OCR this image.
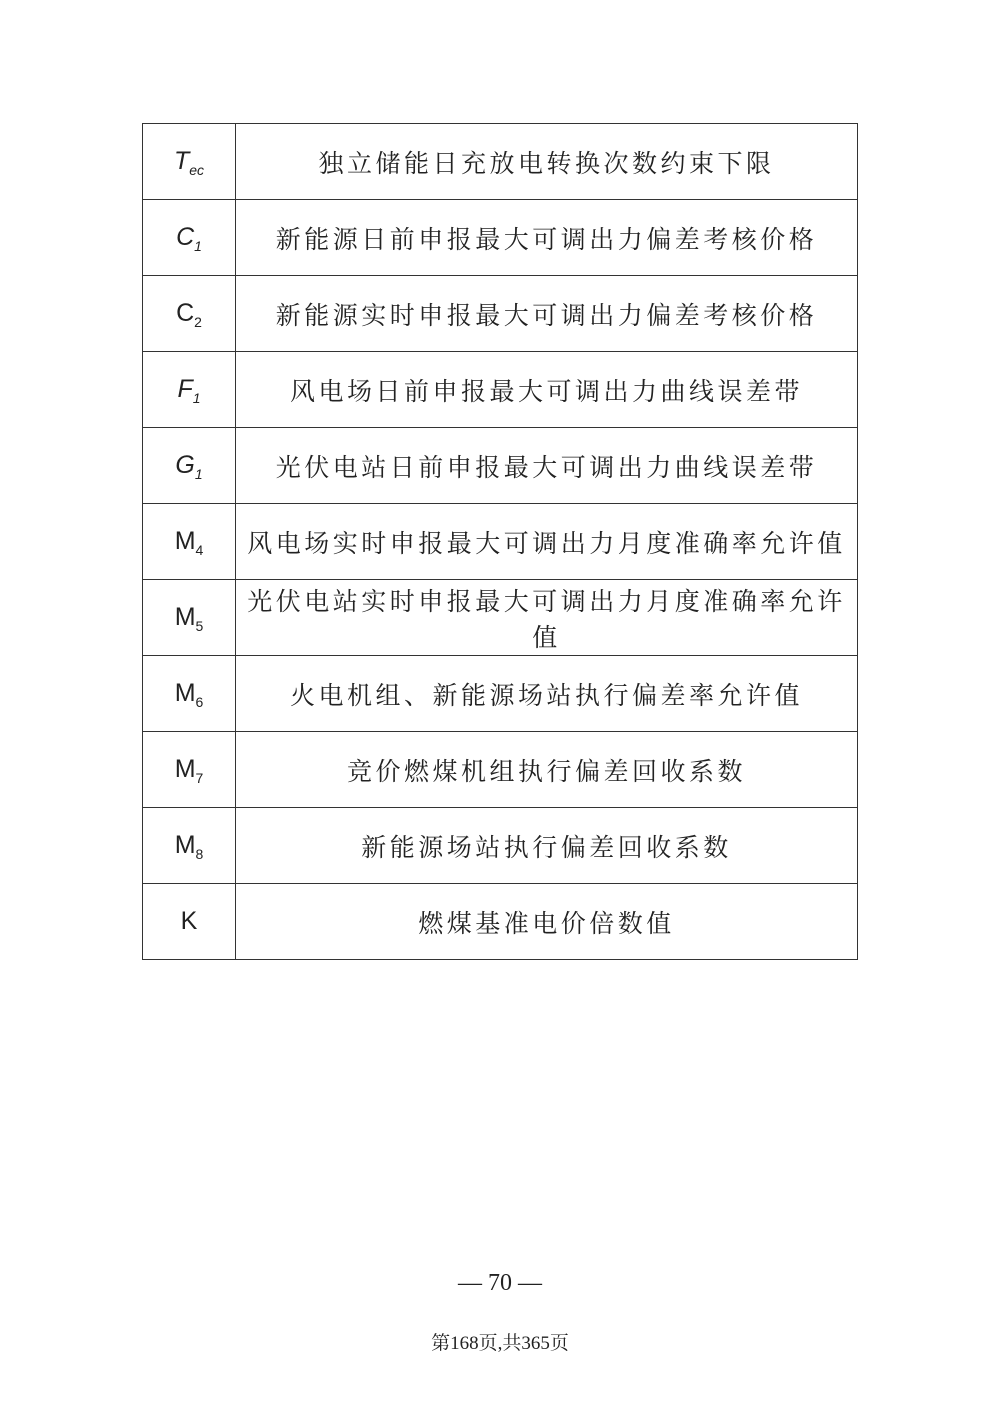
$T_{ec}$	独立储能日充放电转换次数约束下限
$C_1$	新能源日前申报最大可调出力偏差考核价格
$C_2$	新能源实时申报最大可调出力偏差考核价格
$F_1$	风电场日前申报最大可调出力曲线误差带
$G_1$	光伏电站日前申报最大可调出力曲线误差带
$M_4$	风电场实时申报最大可调出力月度准确率允许值
$M_5$	光伏电站实时申报最大可调出力月度准确率允许值
$M_6$	火电机组、新能源场站执行偏差率允许值
$M_7$	竞价燃煤机组执行偏差回收系数
$M_8$	新能源场站执行偏差回收系数
K	燃煤基准电价倍数值
— 70 —
第168页,共365页
